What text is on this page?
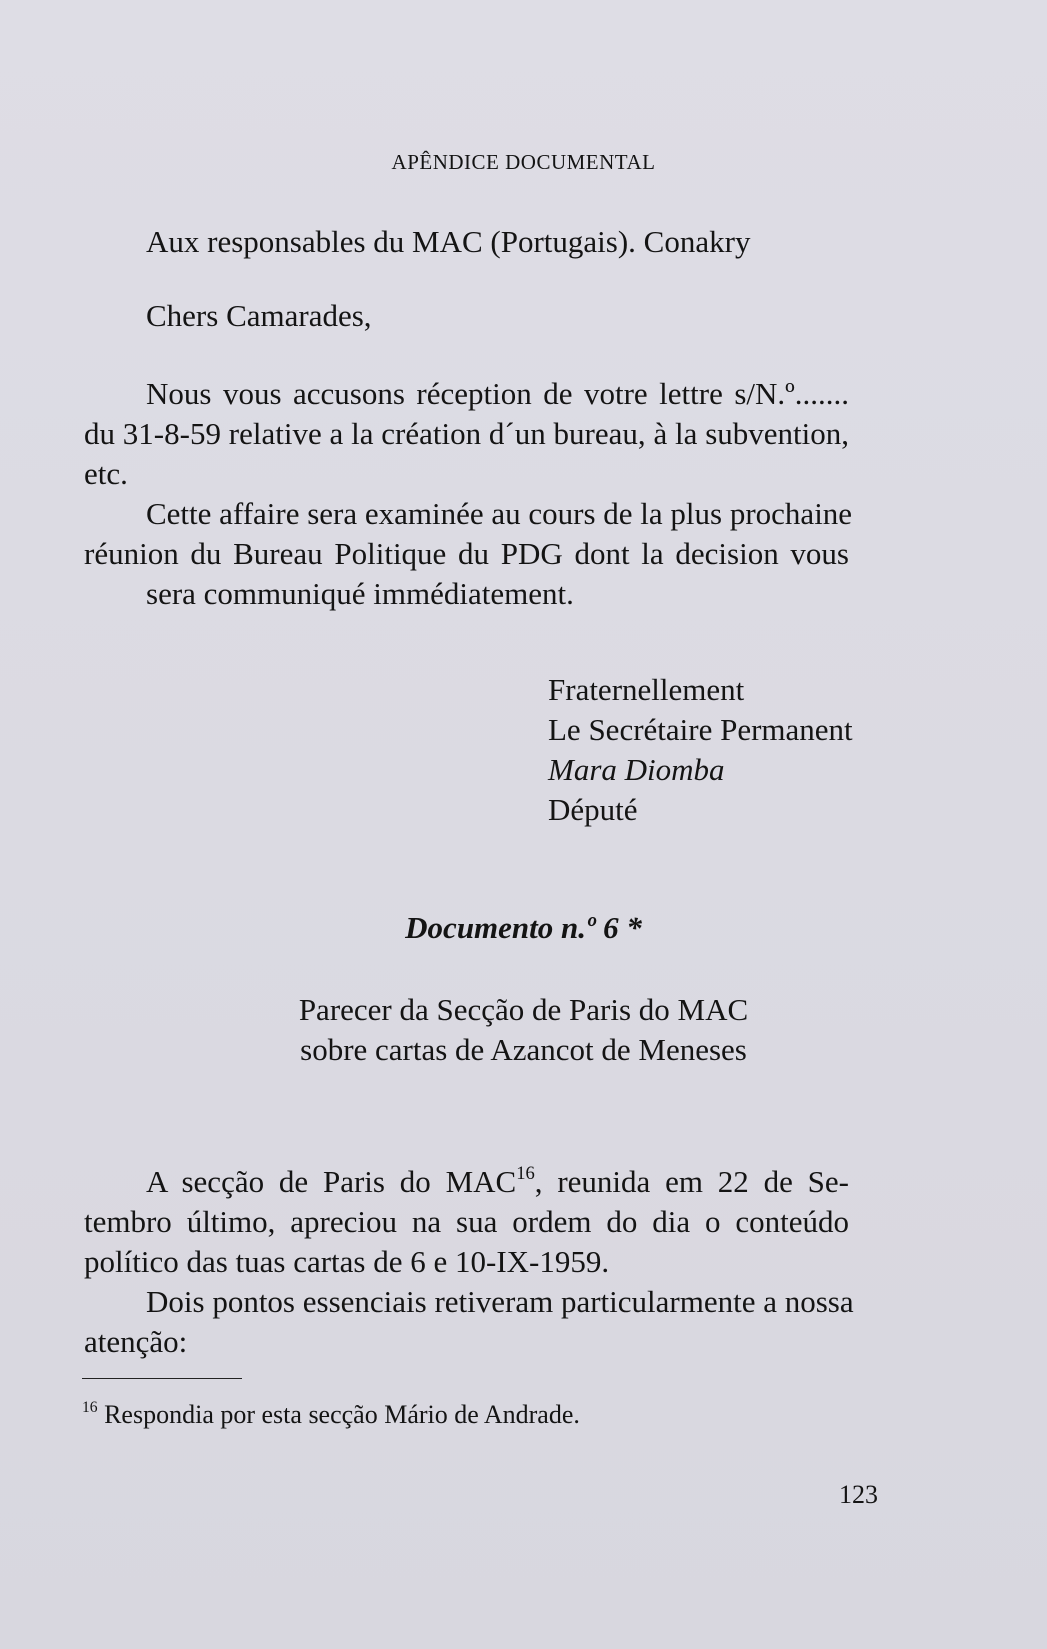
APÊNDICE DOCUMENTAL
Aux responsables du MAC (Portugais). Conakry
Chers Camarades,
Nous vous accusons réception de votre lettre s/N.º.......
du 31-8-59 relative a la création d´un bureau, à la subvention,
etc.
Cette affaire sera examinée au cours de la plus prochaine
réunion du Bureau Politique du PDG dont la decision vous
sera communiqué immédiatement.
Fraternellement
Le Secrétaire Permanent
Mara Diomba
Député
Documento n.º 6 *
Parecer da Secção de Paris do MAC
sobre cartas de Azancot de Meneses
A secção de Paris do MAC$^{16}$, reunida em 22 de Se-
tembro último, apreciou na sua ordem do dia o conteúdo
político das tuas cartas de 6 e 10-IX-1959.
Dois pontos essenciais retiveram particularmente a nossa
atenção:
$^{16}$ Respondia por esta secção Mário de Andrade.
123
